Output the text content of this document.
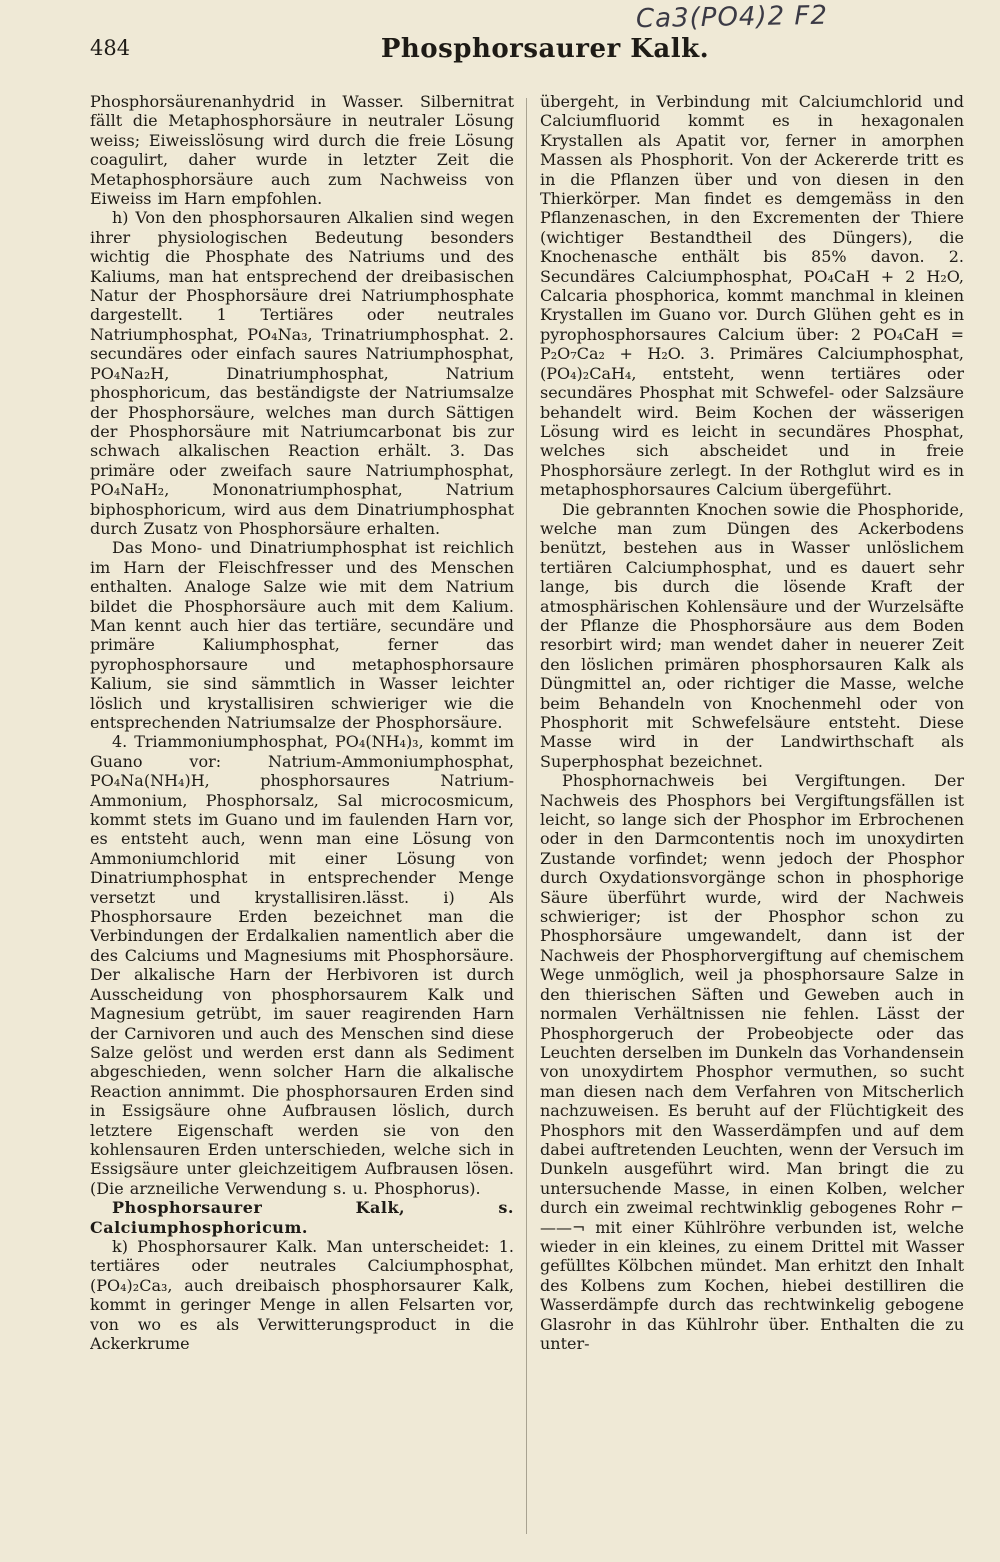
Ca3(PO4)2 F2
484	Phosphorsaurer Kalk.

Phosphorsäurenanhydrid in Wasser. Silbernitrat fällt die Metaphosphorsäure in neutraler Lösung weiss; Eiweisslösung wird durch die freie Lösung coagulirt, daher wurde in letzter Zeit die Metaphosphorsäure auch zum Nachweiss von Eiweiss im Harn empfohlen.

h) Von den phosphorsauren Alkalien sind wegen ihrer physiologischen Bedeutung besonders wichtig die Phosphate des Natriums und des Kaliums, man hat entsprechend der dreibasischen Natur der Phosphorsäure drei Natriumphosphate dargestellt. 1 Tertiäres oder neutrales Natriumphosphat, PO₄Na₃, Trinatriumphosphat. 2. secundäres oder einfach saures Natriumphosphat, PO₄Na₂H, Dinatriumphosphat, Natrium phosphoricum, das beständigste der Natriumsalze der Phosphorsäure, welches man durch Sättigen der Phosphorsäure mit Natriumcarbonat bis zur schwach alkalischen Reaction erhält. 3. Das primäre oder zweifach saure Natriumphosphat, PO₄NaH₂, Mononatriumphosphat, Natrium biphosphoricum, wird aus dem Dinatriumphosphat durch Zusatz von Phosphorsäure erhalten.

Das Mono- und Dinatriumphosphat ist reichlich im Harn der Fleischfresser und des Menschen enthalten. Analoge Salze wie mit dem Natrium bildet die Phosphorsäure auch mit dem Kalium. Man kennt auch hier das tertiäre, secundäre und primäre Kaliumphosphat, ferner das pyrophosphorsaure und metaphosphorsaure Kalium, sie sind sämmtlich in Wasser leichter löslich und krystallisiren schwieriger wie die entsprechenden Natriumsalze der Phosphorsäure.

4. Triammoniumphosphat, PO₄(NH₄)₃, kommt im Guano vor: Natrium-Ammoniumphosphat, PO₄Na(NH₄)H, phosphorsaures Natrium-Ammonium, Phosphorsalz, Sal microcosmicum, kommt stets im Guano und im faulenden Harn vor, es entsteht auch, wenn man eine Lösung von Ammoniumchlorid mit einer Lösung von Dinatriumphosphat in entsprechender Menge versetzt und krystallisiren.lässt. i) Als Phosphorsaure Erden bezeichnet man die Verbindungen der Erdalkalien namentlich aber die des Calciums und Magnesiums mit Phosphorsäure. Der alkalische Harn der Herbivoren ist durch Ausscheidung von phosphorsaurem Kalk und Magnesium getrübt, im sauer reagirenden Harn der Carnivoren und auch des Menschen sind diese Salze gelöst und werden erst dann als Sediment abgeschieden, wenn solcher Harn die alkalische Reaction annimmt. Die phosphorsauren Erden sind in Essigsäure ohne Aufbrausen löslich, durch letztere Eigenschaft werden sie von den kohlensauren Erden unterschieden, welche sich in Essigsäure unter gleichzeitigem Aufbrausen lösen. (Die arzneiliche Verwendung s. u. Phosphorus).

Phosphorsaurer Kalk, s. Calciumphosphoricum.

k) Phosphorsaurer Kalk. Man unterscheidet: 1. tertiäres oder neutrales Calciumphosphat, (PO₄)₂Ca₃, auch dreibaisch phosphorsaurer Kalk, kommt in geringer Menge in allen Felsarten vor, von wo es als Verwitterungsproduct in die Ackerkrume

übergeht, in Verbindung mit Calciumchlorid und Calciumfluorid kommt es in hexagonalen Krystallen als Apatit vor, ferner in amorphen Massen als Phosphorit. Von der Ackererde tritt es in die Pflanzen über und von diesen in den Thierkörper. Man findet es demgemäss in den Pflanzenaschen, in den Excrementen der Thiere (wichtiger Bestandtheil des Düngers), die Knochenasche enthält bis 85% davon. 2. Secundäres Calciumphosphat, PO₄CaH + 2 H₂O, Calcaria phosphorica, kommt manchmal in kleinen Krystallen im Guano vor. Durch Glühen geht es in pyrophosphorsaures Calcium über: 2 PO₄CaH = P₂O₇Ca₂ + H₂O. 3. Primäres Calciumphosphat, (PO₄)₂CaH₄, entsteht, wenn tertiäres oder secundäres Phosphat mit Schwefel- oder Salzsäure behandelt wird. Beim Kochen der wässerigen Lösung wird es leicht in secundäres Phosphat, welches sich abscheidet und in freie Phosphorsäure zerlegt. In der Rothglut wird es in metaphosphorsaures Calcium übergeführt.

Die gebrannten Knochen sowie die Phosphoride, welche man zum Düngen des Ackerbodens benützt, bestehen aus in Wasser unlöslichem tertiären Calciumphosphat, und es dauert sehr lange, bis durch die lösende Kraft der atmosphärischen Kohlensäure und der Wurzelsäfte der Pflanze die Phosphorsäure aus dem Boden resorbirt wird; man wendet daher in neuerer Zeit den löslichen primären phosphorsauren Kalk als Düngmittel an, oder richtiger die Masse, welche beim Behandeln von Knochenmehl oder von Phosphorit mit Schwefelsäure entsteht. Diese Masse wird in der Landwirthschaft als Superphosphat bezeichnet.

Phosphornachweis bei Vergiftungen. Der Nachweis des Phosphors bei Vergiftungsfällen ist leicht, so lange sich der Phosphor im Erbrochenen oder in den Darmcontentis noch im unoxydirten Zustande vorfindet; wenn jedoch der Phosphor durch Oxydationsvorgänge schon in phosphorige Säure überführt wurde, wird der Nachweis schwieriger; ist der Phosphor schon zu Phosphorsäure umgewandelt, dann ist der Nachweis der Phosphorvergiftung auf chemischem Wege unmöglich, weil ja phosphorsaure Salze in den thierischen Säften und Geweben auch in normalen Verhältnissen nie fehlen. Lässt der Phosphorgeruch der Probeobjecte oder das Leuchten derselben im Dunkeln das Vorhandensein von unoxydirtem Phosphor vermuthen, so sucht man diesen nach dem Verfahren von Mitscherlich nachzuweisen. Es beruht auf der Flüchtigkeit des Phosphors mit den Wasserdämpfen und auf dem dabei auftretenden Leuchten, wenn der Versuch im Dunkeln ausgeführt wird. Man bringt die zu untersuchende Masse, in einen Kolben, welcher durch ein zweimal rechtwinklig gebogenes Rohr ⌐——¬ mit einer Kühlröhre verbunden ist, welche wieder in ein kleines, zu einem Drittel mit Wasser gefülltes Kölbchen mündet. Man erhitzt den Inhalt des Kolbens zum Kochen, hiebei destilliren die Wasserdämpfe durch das rechtwinkelig gebogene Glasrohr in das Kühlrohr über. Enthalten die zu unter-
